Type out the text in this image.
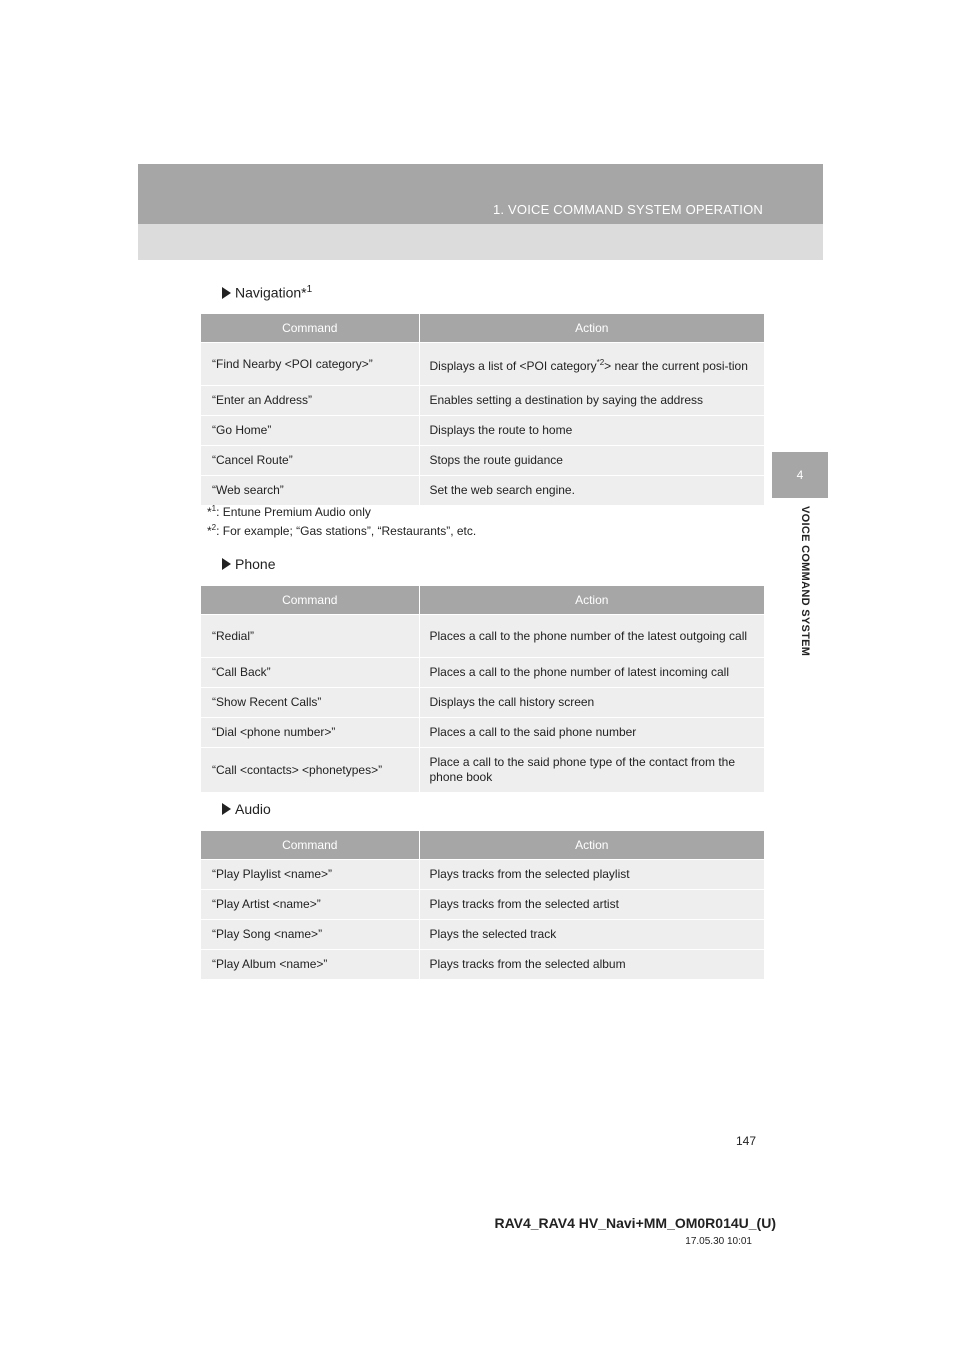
1. VOICE COMMAND SYSTEM OPERATION
4
VOICE COMMAND SYSTEM
Navigation*$^1$
Command	Action
“Find Nearby <POI category>”	Displays a list of <POI category$^{*2}$> near the current posi-tion
“Enter an Address”	Enables setting a destination by saying the address
“Go Home”	Displays the route to home
“Cancel Route”	Stops the route guidance
“Web search”	Set the web search engine.
*$^1$: Entune Premium Audio only
*$^2$: For example; “Gas stations”, “Restaurants”, etc.
Phone
Command	Action
“Redial”	Places a call to the phone number of the latest outgoing call
“Call Back”	Places a call to the phone number of latest incoming call
“Show Recent Calls”	Displays the call history screen
“Dial <phone number>”	Places a call to the said phone number
“Call <contacts> <phonetypes>”	Place a call to the said phone type of the contact from the phone book
Audio
Command	Action
“Play Playlist <name>”	Plays tracks from the selected playlist
“Play Artist <name>”	Plays tracks from the selected artist
“Play Song <name>”	Plays the selected track
“Play Album <name>”	Plays tracks from the selected album
147
RAV4_RAV4 HV_Navi+MM_OM0R014U_(U)
17.05.30 10:01
